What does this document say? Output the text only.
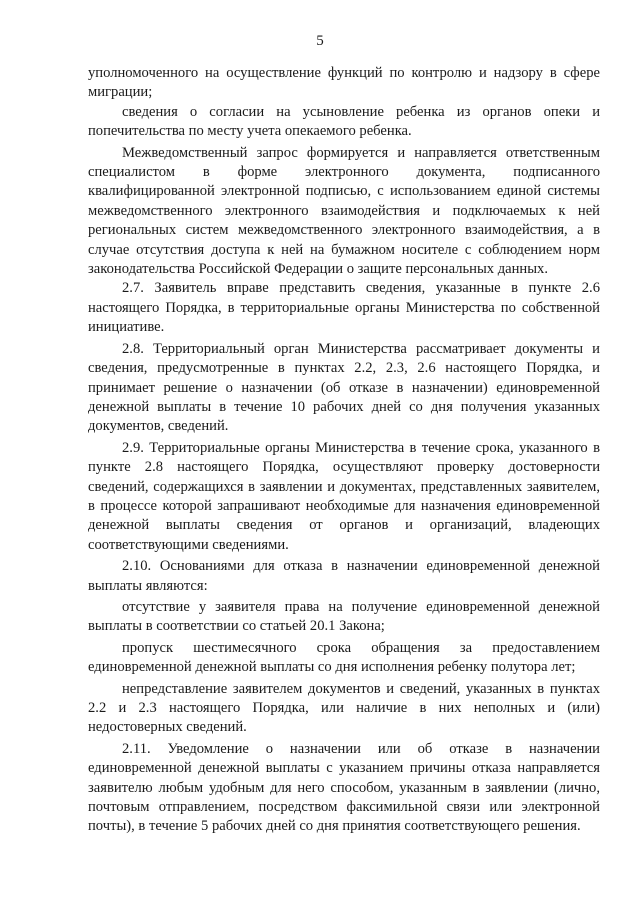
5

уполномоченного на осуществление функций по контролю и надзору в сфере миграции;

сведения о согласии на усыновление ребенка из органов опеки и попечительства по месту учета опекаемого ребенка.

Межведомственный запрос формируется и направляется ответственным специалистом в форме электронного документа, подписанного квалифицированной электронной подписью, с использованием единой системы межведомственного электронного взаимодействия и подключаемых к ней региональных систем межведомственного электронного взаимодействия, а в случае отсутствия доступа к ней на бумажном носителе с соблюдением норм законодательства Российской Федерации о защите персональных данных.

2.7. Заявитель вправе представить сведения, указанные в пункте 2.6 настоящего Порядка, в территориальные органы Министерства по собственной инициативе.

2.8. Территориальный орган Министерства рассматривает документы и сведения, предусмотренные в пунктах 2.2, 2.3, 2.6 настоящего Порядка, и принимает решение о назначении (об отказе в назначении) единовременной денежной выплаты в течение 10 рабочих дней со дня получения указанных документов, сведений.

2.9. Территориальные органы Министерства в течение срока, указанного в пункте 2.8 настоящего Порядка, осуществляют проверку достоверности сведений, содержащихся в заявлении и документах, представленных заявителем, в процессе которой запрашивают необходимые для назначения единовременной денежной выплаты сведения от органов и организаций, владеющих соответствующими сведениями.

2.10. Основаниями для отказа в назначении единовременной денежной выплаты являются:

отсутствие у заявителя права на получение единовременной денежной выплаты в соответствии со статьей 20.1 Закона;

пропуск шестимесячного срока обращения за предоставлением единовременной денежной выплаты со дня исполнения ребенку полутора лет;

непредставление заявителем документов и сведений, указанных в пунктах 2.2 и 2.3 настоящего Порядка, или наличие в них неполных и (или) недостоверных сведений.

2.11. Уведомление о назначении или об отказе в назначении единовременной денежной выплаты с указанием причины отказа направляется заявителю любым удобным для него способом, указанным в заявлении (лично, почтовым отправлением, посредством факсимильной связи или электронной почты), в течение 5 рабочих дней со дня принятия соответствующего решения.
